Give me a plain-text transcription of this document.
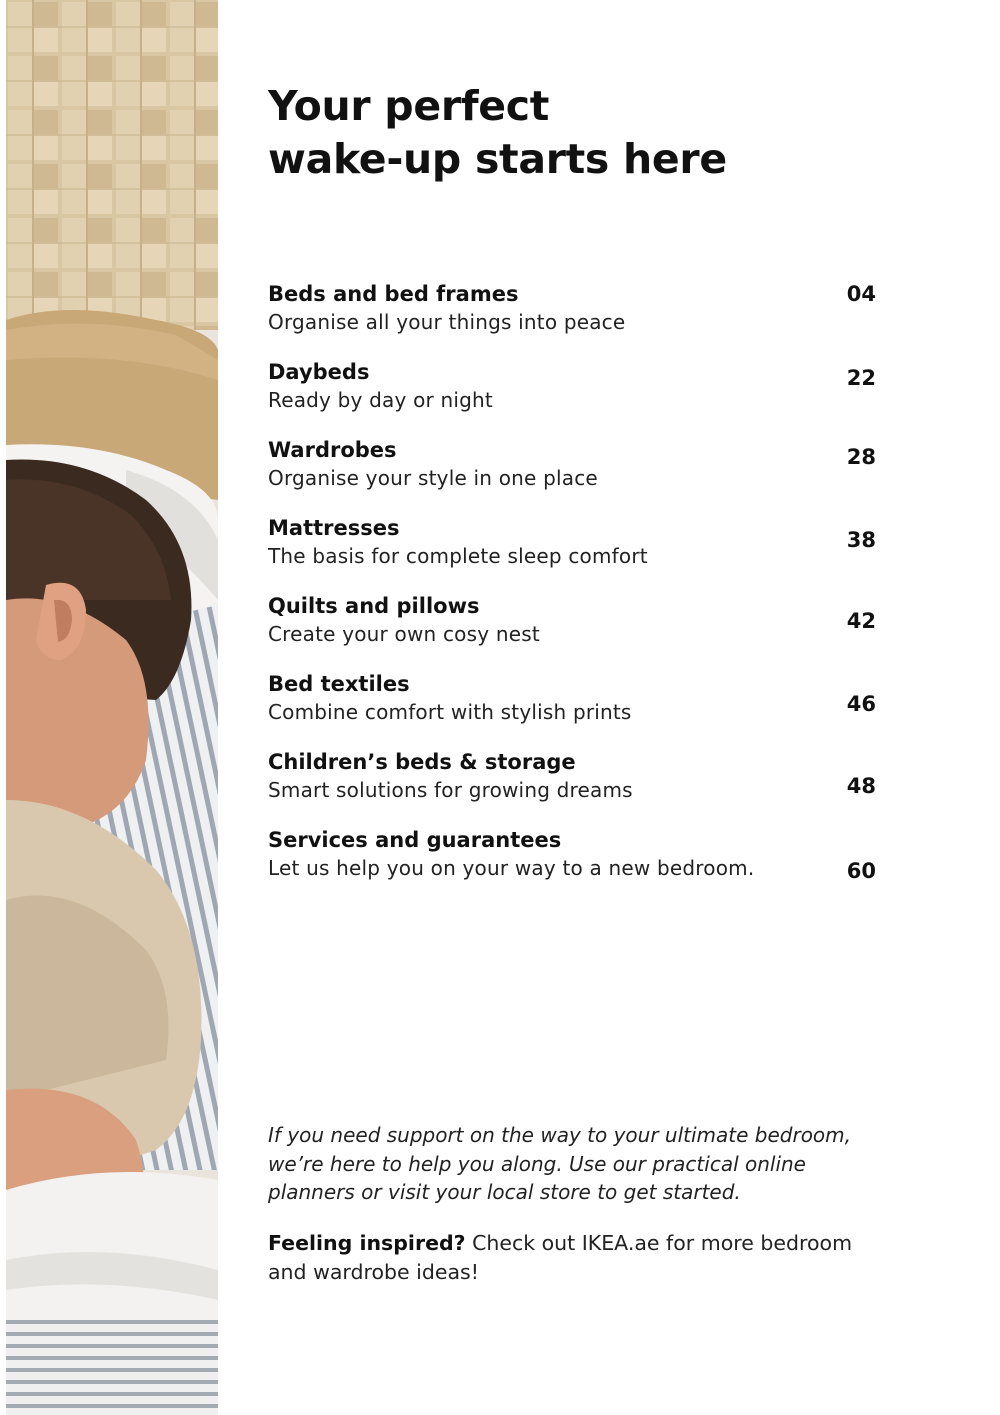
Your perfect
wake-up starts here
Beds and bed frames
Organise all your things into peace
04
Daybeds
Ready by day or night
22
Wardrobes
Organise your style in one place
28
Mattresses
The basis for complete sleep comfort
38
Quilts and pillows
Create your own cosy nest
42
Bed textiles
Combine comfort with stylish prints	46
Children’s beds & storage
Smart solutions for growing dreams	48
Services and guarantees
Let us help you on your way to a new bedroom.	60

If you need support on the way to your ultimate bedroom,
we’re here to help you along. Use our practical online
planners or visit your local store to get started.

Feeling inspired? Check out IKEA.ae for more bedroom
and wardrobe ideas!
